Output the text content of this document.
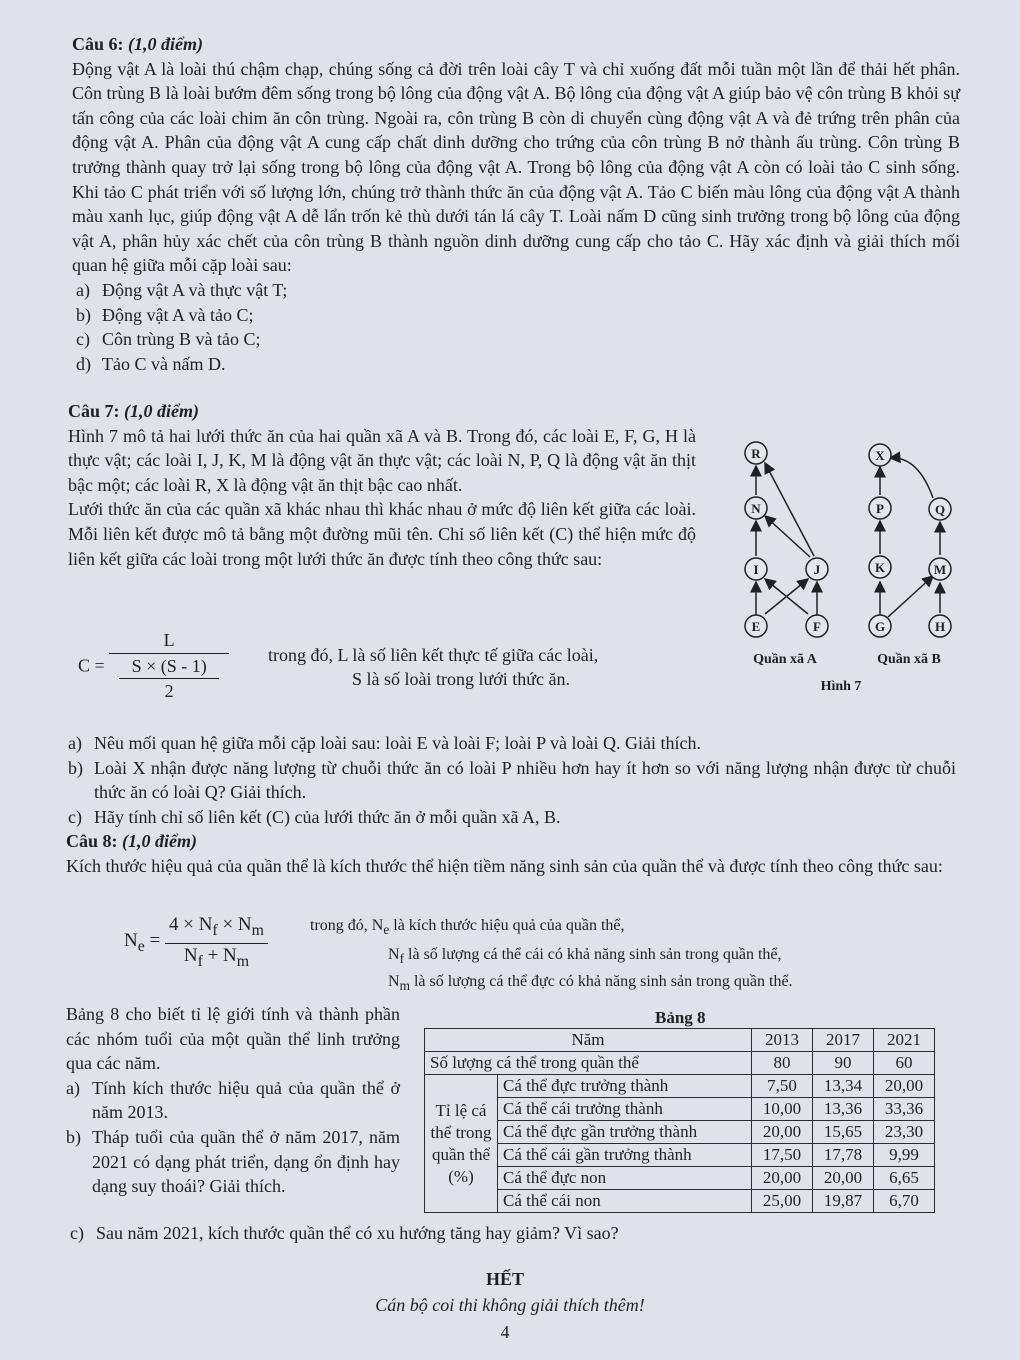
Câu 6: (1,0 điểm)
Động vật A là loài thú chậm chạp, chúng sống cả đời trên loài cây T và chỉ xuống đất mỗi tuần một lần để thải hết phân. Côn trùng B là loài bướm đêm sống trong bộ lông của động vật A. Bộ lông của động vật A giúp bảo vệ côn trùng B khỏi sự tấn công của các loài chim ăn côn trùng. Ngoài ra, côn trùng B còn di chuyển cùng động vật A và đẻ trứng trên phân của động vật A. Phân của động vật A cung cấp chất dinh dưỡng cho trứng của côn trùng B nở thành ấu trùng. Côn trùng B trưởng thành quay trở lại sống trong bộ lông của động vật A. Trong bộ lông của động vật A còn có loài tảo C sinh sống. Khi tảo C phát triển với số lượng lớn, chúng trở thành thức ăn của động vật A. Tảo C biến màu lông của động vật A thành màu xanh lục, giúp động vật A dễ lẩn trốn kẻ thù dưới tán lá cây T. Loài nấm D cũng sinh trưởng trong bộ lông của động vật A, phân hủy xác chết của côn trùng B thành nguồn dinh dưỡng cung cấp cho tảo C. Hãy xác định và giải thích mối quan hệ giữa mỗi cặp loài sau:
a) Động vật A và thực vật T;
b) Động vật A và tảo C;
c) Côn trùng B và tảo C;
d) Tảo C và nấm D.
Câu 7: (1,0 điểm)
Hình 7 mô tả hai lưới thức ăn của hai quần xã A và B. Trong đó, các loài E, F, G, H là thực vật; các loài I, J, K, M là động vật ăn thực vật; các loài N, P, Q là động vật ăn thịt bậc một; các loài R, X là động vật ăn thịt bậc cao nhất.
Lưới thức ăn của các quần xã khác nhau thì khác nhau ở mức độ liên kết giữa các loài. Mỗi liên kết được mô tả bằng một đường mũi tên. Chỉ số liên kết (C) thể hiện mức độ liên kết giữa các loài trong một lưới thức ăn được tính theo công thức sau:
$C = \frac{L}{\frac{S \times (S - 1)}{2}}$ trong đó, L là số liên kết thực tế giữa các loài,
S là số loài trong lưới thức ăn.
R
N
I	J
E	F
X
P	Q
K	M
G	H
Quần xã A	Quần xã B
Hình 7
a) Nêu mối quan hệ giữa mỗi cặp loài sau: loài E và loài F; loài P và loài Q. Giải thích.
b) Loài X nhận được năng lượng từ chuỗi thức ăn có loài P nhiều hơn hay ít hơn so với năng lượng nhận được từ chuỗi thức ăn có loài Q? Giải thích.
c) Hãy tính chỉ số liên kết (C) của lưới thức ăn ở mỗi quần xã A, B.
Câu 8: (1,0 điểm)
Kích thước hiệu quả của quần thể là kích thước thể hiện tiềm năng sinh sản của quần thể và được tính theo công thức sau:
$N_e = \frac{4 \times N_f \times N_m}{N_f + N_m}$	trong đó, $N_e$ là kích thước hiệu quả của quần thể,
$N_f$ là số lượng cá thể cái có khả năng sinh sản trong quần thể,
$N_m$ là số lượng cá thể đực có khả năng sinh sản trong quần thể.
Bảng 8 cho biết tỉ lệ giới tính và thành phần các nhóm tuổi của một quần thể linh trưởng qua các năm.
a) Tính kích thước hiệu quả của quần thể ở năm 2013.
b) Tháp tuổi của quần thể ở năm 2017, năm 2021 có dạng phát triển, dạng ổn định hay dạng suy thoái? Giải thích.
Bảng 8
Năm		2013	2017	2021
Số lượng cá thể trong quần thể		80	90	60
Tỉ lệ cá thể trong quần thể (%)	Cá thể đực trưởng thành	7,50	13,34	20,00
	Cá thể cái trưởng thành	10,00	13,36	33,36
	Cá thể đực gần trưởng thành	20,00	15,65	23,30
	Cá thể cái gần trưởng thành	17,50	17,78	9,99
	Cá thể đực non	20,00	20,00	6,65
	Cá thể cái non	25,00	19,87	6,70
c) Sau năm 2021, kích thước quần thể có xu hướng tăng hay giảm? Vì sao?
HẾT
Cán bộ coi thi không giải thích thêm!
4
